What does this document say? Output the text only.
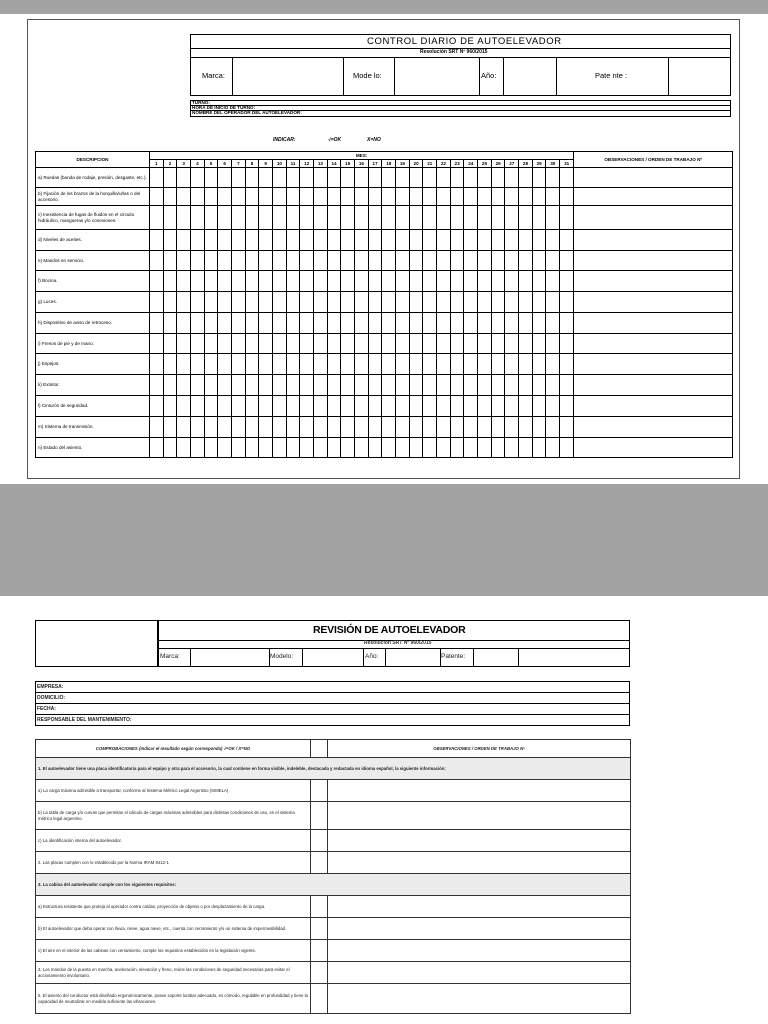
CONTROL DIARIO DE AUTOELEVADOR
Resolución SRT Nº 960/2015
Marca:	Mode lo:	Año:	Pate nte :
TURNO:
HORA DE INICIO DE TURNO:
NOMBRE DEL OPERADOR DEL AUTOELEVADOR:
INDICAR:	√=OK	X=NO
DESCRIPCION	MES:																															OBSERVACIONES / ORDEN DE TRABAJO Nº
	1	2	3	4	5	6	7	8	9	10	11	12	13	14	15	16	17	18	19	20	21	22	23	24	25	26	27	28	29	30	31	
a) Ruedas (banda de rodaje, presión, desgaste, etc.).																																
b) Fijación de los brazos de la horquilla/uñas o del accesorio.																																
c) Inexistencia de fugas de fluidos en el circuito hidráulico, mangueras y/o conexiones.																																
d) Niveles de aceites.																																
e) Mandos en servicio.																																
f) Bocina.																																
g) Luces.																																
h) Dispositivo de aviso de retroceso.																																
i) Frenos de pie y de mano.																																
j) Espejos.																																
k) Extintor.																																
l) Cinturón de seguridad.																																
m) Sistema de transmisión.																																
n) Estado del asiento.																																
REVISIÓN DE AUTOELEVADOR
Resolución SRT Nº 960/2015
Marca:	Modelo:	Año:	Patente:
EMPRESA:
DOMICILIO:
FECHA:
RESPONSABLE DEL MANTENIMIENTO:
COMPROBACIONES (Indicar el resultado según corresponda) √=OK / X=NO		OBSERVACIONES / ORDEN DE TRABAJO Nº
1. El autoelevador tiene una placa identificatoria para el equipo y otra para el accesorio, la cual contiene en forma visible, indeleble, destacada y redactada en idioma español, la siguiente información:		
a) La carga máxima admisible a transportar, conforme al Sistema Métrico Legal Argentino (SIMELA).		
b) La tabla de carga y/o curvas que permitan el cálculo de cargas máximas admisibles para distintas condiciones de uso, en el sistema métrico legal argentino.		
c) La identificación interna del autoelevador.		
2. Las placas cumplen con lo establecido por la Norma IRAM 8412-1		
3. La cabina del autoelevador cumple con los siguientes requisitos:		
a) Estructura resistente que proteja al operador contra caídas, proyección de objetos o por desplazamiento de la carga.		
b) El autoelevador que deba operar con lluvia, nieve, agua nieve, etc., cuenta con cerramiento y/o un sistema de impermeabilidad.		
c) El aire en el interior de las cabinas con cerramiento, cumple los requisitos establecidos en la legislación vigente.		
3. Los mandos de la puesta en marcha, aceleración, elevación y freno, reúne las condiciones de seguridad necesarias para evitar el accionamiento involuntario.		
5. El asiento del conductor está diseñado ergonómicamente, posee soporte lumbar adecuado, es cómodo, regulable en profundidad y tiene la capacidad de neutralizar en medida suficiente las vibraciones.		
